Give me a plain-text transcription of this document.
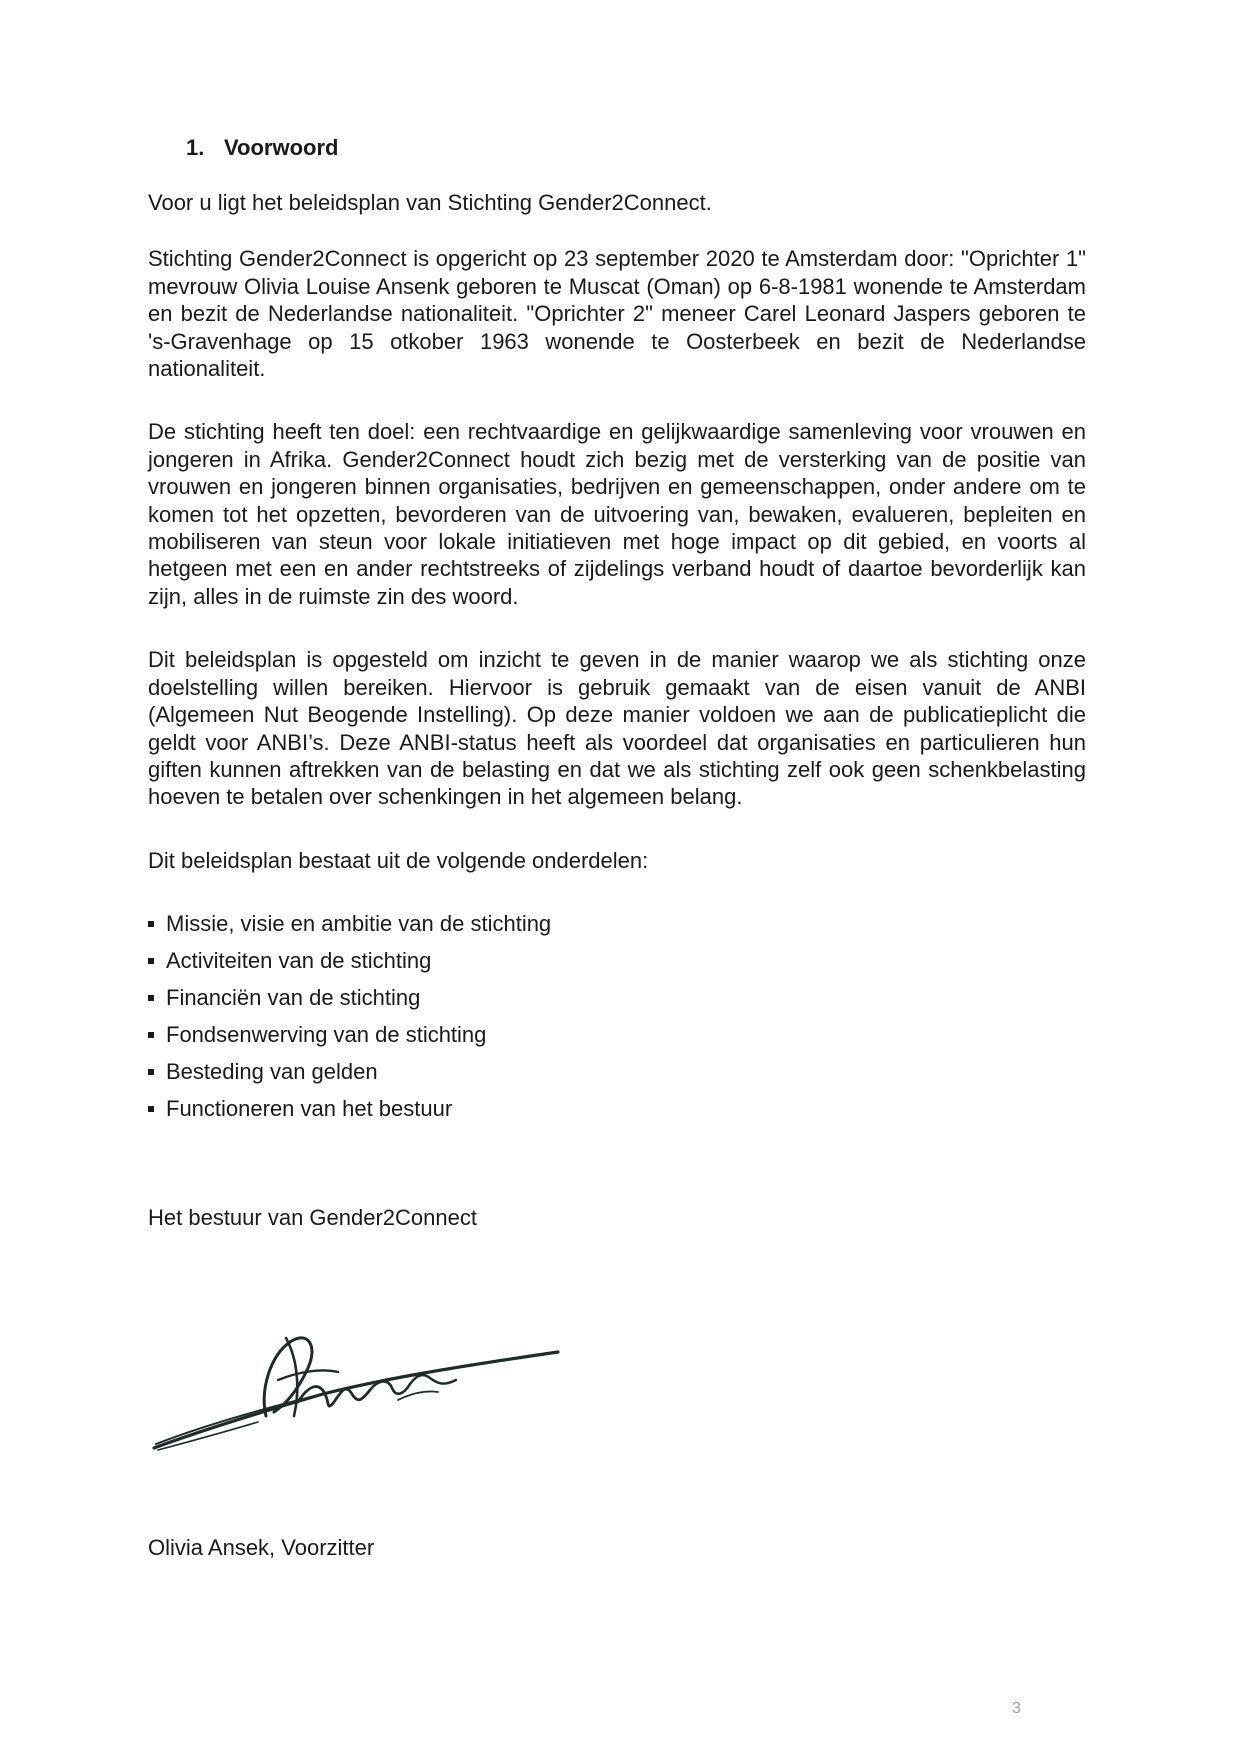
1. Voorwoord

Voor u ligt het beleidsplan van Stichting Gender2Connect.

Stichting Gender2Connect is opgericht op 23 september 2020 te Amsterdam door: "Oprichter 1" mevrouw Olivia Louise Ansenk geboren te Muscat (Oman) op 6-8-1981 wonende te Amsterdam en bezit de Nederlandse nationaliteit. "Oprichter 2" meneer Carel Leonard Jaspers geboren te 's-Gravenhage op 15 otkober 1963 wonende te Oosterbeek en bezit de Nederlandse nationaliteit.

De stichting heeft ten doel: een rechtvaardige en gelijkwaardige samenleving voor vrouwen en jongeren in Afrika. Gender2Connect houdt zich bezig met de versterking van de positie van vrouwen en jongeren binnen organisaties, bedrijven en gemeenschappen, onder andere om te komen tot het opzetten, bevorderen van de uitvoering van, bewaken, evalueren, bepleiten en mobiliseren van steun voor lokale initiatieven met hoge impact op dit gebied, en voorts al hetgeen met een en ander rechtstreeks of zijdelings verband houdt of daartoe bevorderlijk kan zijn, alles in de ruimste zin des woord.

Dit beleidsplan is opgesteld om inzicht te geven in de manier waarop we als stichting onze doelstelling willen bereiken. Hiervoor is gebruik gemaakt van de eisen vanuit de ANBI (Algemeen Nut Beogende Instelling). Op deze manier voldoen we aan de publicatieplicht die geldt voor ANBI’s. Deze ANBI-status heeft als voordeel dat organisaties en particulieren hun giften kunnen aftrekken van de belasting en dat we als stichting zelf ook geen schenkbelasting hoeven te betalen over schenkingen in het algemeen belang.

Dit beleidsplan bestaat uit de volgende onderdelen:

Missie, visie en ambitie van de stichting
Activiteiten van de stichting
Financiën van de stichting
Fondsenwerving van de stichting
Besteding van gelden
Functioneren van het bestuur

Het bestuur van Gender2Connect

Olivia Ansek, Voorzitter
3
